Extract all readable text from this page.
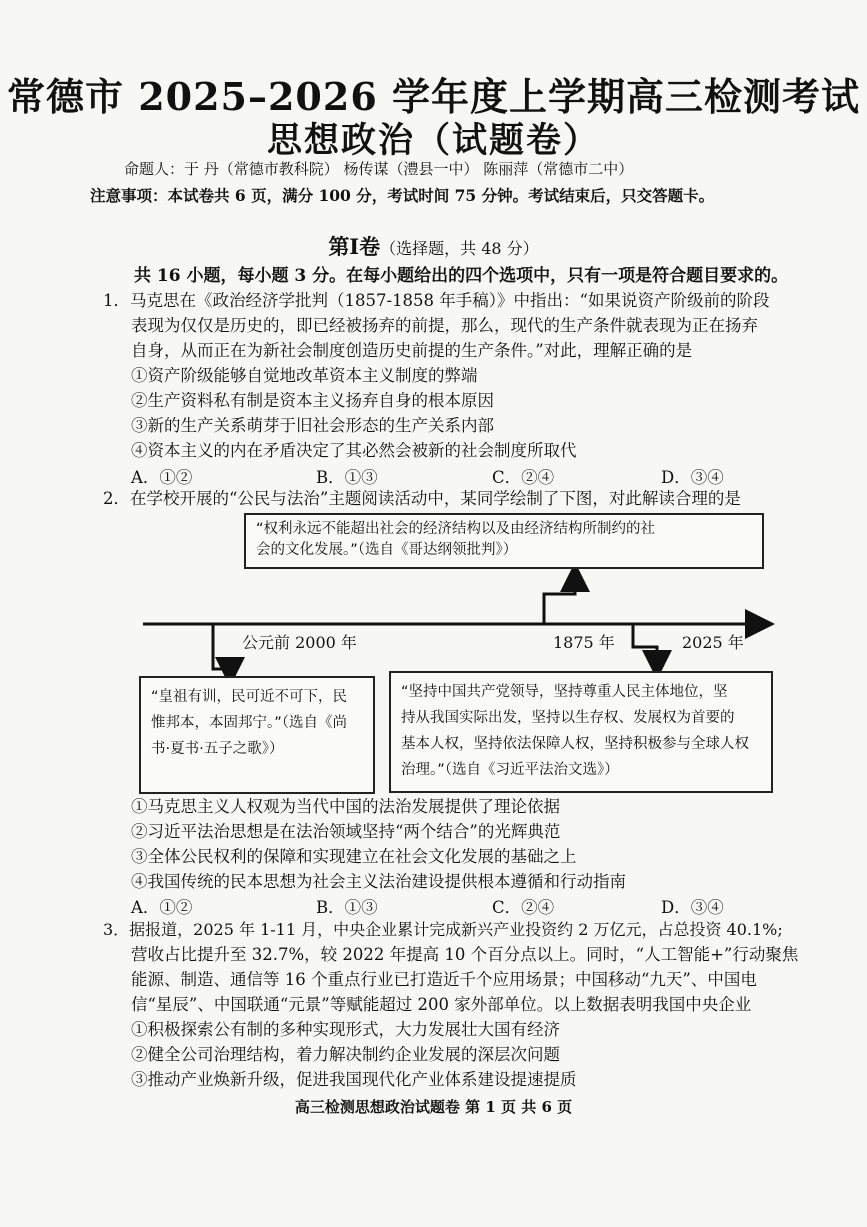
常德市 2025–2026 学年度上学期高三检测考试
思想政治（试题卷）
命题人：于 丹（常德市教科院） 杨传谋（澧县一中） 陈丽萍（常德市二中）
注意事项：本试卷共 6 页，满分 100 分，考试时间 75 分钟。考试结束后，只交答题卡。
第Ⅰ卷（选择题，共 48 分）
共 16 小题，每小题 3 分。在每小题给出的四个选项中，只有一项是符合题目要求的。
1．马克思在《政治经济学批判（1857-1858 年手稿）》中指出：“如果说资产阶级前的阶段
表现为仅仅是历史的，即已经被扬弃的前提，那么，现代的生产条件就表现为正在扬弃
自身，从而正在为新社会制度创造历史前提的生产条件。”对此，理解正确的是
①资产阶级能够自觉地改革资本主义制度的弊端
②生产资料私有制是资本主义扬弃自身的根本原因
③新的生产关系萌芽于旧社会形态的生产关系内部
④资本主义的内在矛盾决定了其必然会被新的社会制度所取代
A．①②	B．①③	C．②④	D．③④
2．在学校开展的“公民与法治”主题阅读活动中，某同学绘制了下图，对此解读合理的是
“权利永远不能超出社会的经济结构以及由经济结构所制约的社
会的文化发展。”（选自《哥达纲领批判》）
公元前 2000 年	1875 年	2025 年
“皇祖有训，民可近不可下，民
惟邦本，本固邦宁。”（选自《尚
书·夏书·五子之歌》）
“坚持中国共产党领导，坚持尊重人民主体地位，坚
持从我国实际出发，坚持以生存权、发展权为首要的
基本人权，坚持依法保障人权，坚持积极参与全球人权
治理。”（选自《习近平法治文选》）
①马克思主义人权观为当代中国的法治发展提供了理论依据
②习近平法治思想是在法治领域坚持“两个结合”的光辉典范
③全体公民权利的保障和实现建立在社会文化发展的基础之上
④我国传统的民本思想为社会主义法治建设提供根本遵循和行动指南
A．①②	B．①③	C．②④	D．③④
3．据报道，2025 年 1-11 月，中央企业累计完成新兴产业投资约 2 万亿元，占总投资 40.1%;
营收占比提升至 32.7%，较 2022 年提高 10 个百分点以上。同时，“人工智能+”行动聚焦
能源、制造、通信等 16 个重点行业已打造近千个应用场景；中国移动“九天”、中国电
信“星辰”、中国联通“元景”等赋能超过 200 家外部单位。以上数据表明我国中央企业
①积极探索公有制的多种实现形式，大力发展壮大国有经济
②健全公司治理结构，着力解决制约企业发展的深层次问题
③推动产业焕新升级，促进我国现代化产业体系建设提速提质
高三检测思想政治试题卷 第 1 页 共 6 页
